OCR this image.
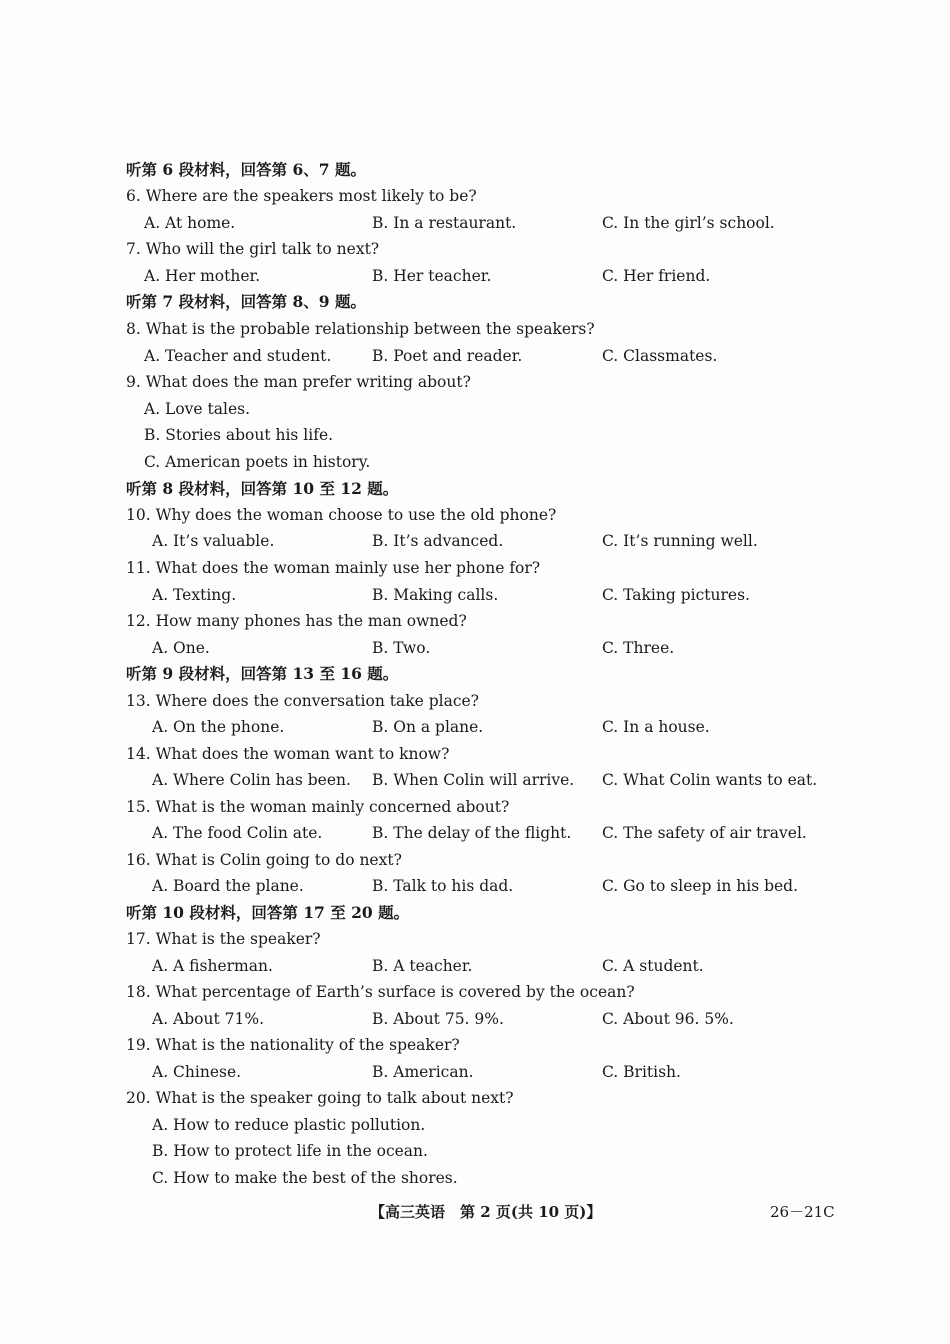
听第 6 段材料，回答第 6、7 题。
6. Where are the speakers most likely to be?
A. At home.	B. In a restaurant.	C. In the girl’s school.
7. Who will the girl talk to next?
A. Her mother.	B. Her teacher.	C. Her friend.
听第 7 段材料，回答第 8、9 题。
8. What is the probable relationship between the speakers?
A. Teacher and student.	B. Poet and reader.	C. Classmates.
9. What does the man prefer writing about?
A. Love tales.
B. Stories about his life.
C. American poets in history.
听第 8 段材料，回答第 10 至 12 题。
10. Why does the woman choose to use the old phone?
A. It’s valuable.	B. It’s advanced.	C. It’s running well.
11. What does the woman mainly use her phone for?
A. Texting.	B. Making calls.	C. Taking pictures.
12. How many phones has the man owned?
A. One.	B. Two.	C. Three.
听第 9 段材料，回答第 13 至 16 题。
13. Where does the conversation take place?
A. On the phone.	B. On a plane.	C. In a house.
14. What does the woman want to know?
A. Where Colin has been. B. When Colin will arrive. C. What Colin wants to eat.
15. What is the woman mainly concerned about?
A. The food Colin ate.	B. The delay of the flight. C. The safety of air travel.
16. What is Colin going to do next?
A. Board the plane.	B. Talk to his dad.	C. Go to sleep in his bed.
听第 10 段材料，回答第 17 至 20 题。
17. What is the speaker?
A. A fisherman.	B. A teacher.	C. A student.
18. What percentage of Earth’s surface is covered by the ocean?
A. About 71%.	B. About 75. 9%.	C. About 96. 5%.
19. What is the nationality of the speaker?
A. Chinese.	B. American.	C. British.
20. What is the speaker going to talk about next?
A. How to reduce plastic pollution.
B. How to protect life in the ocean.
C. How to make the best of the shores.
【高三英语　第 2 页(共 10 页)】	26－21C
